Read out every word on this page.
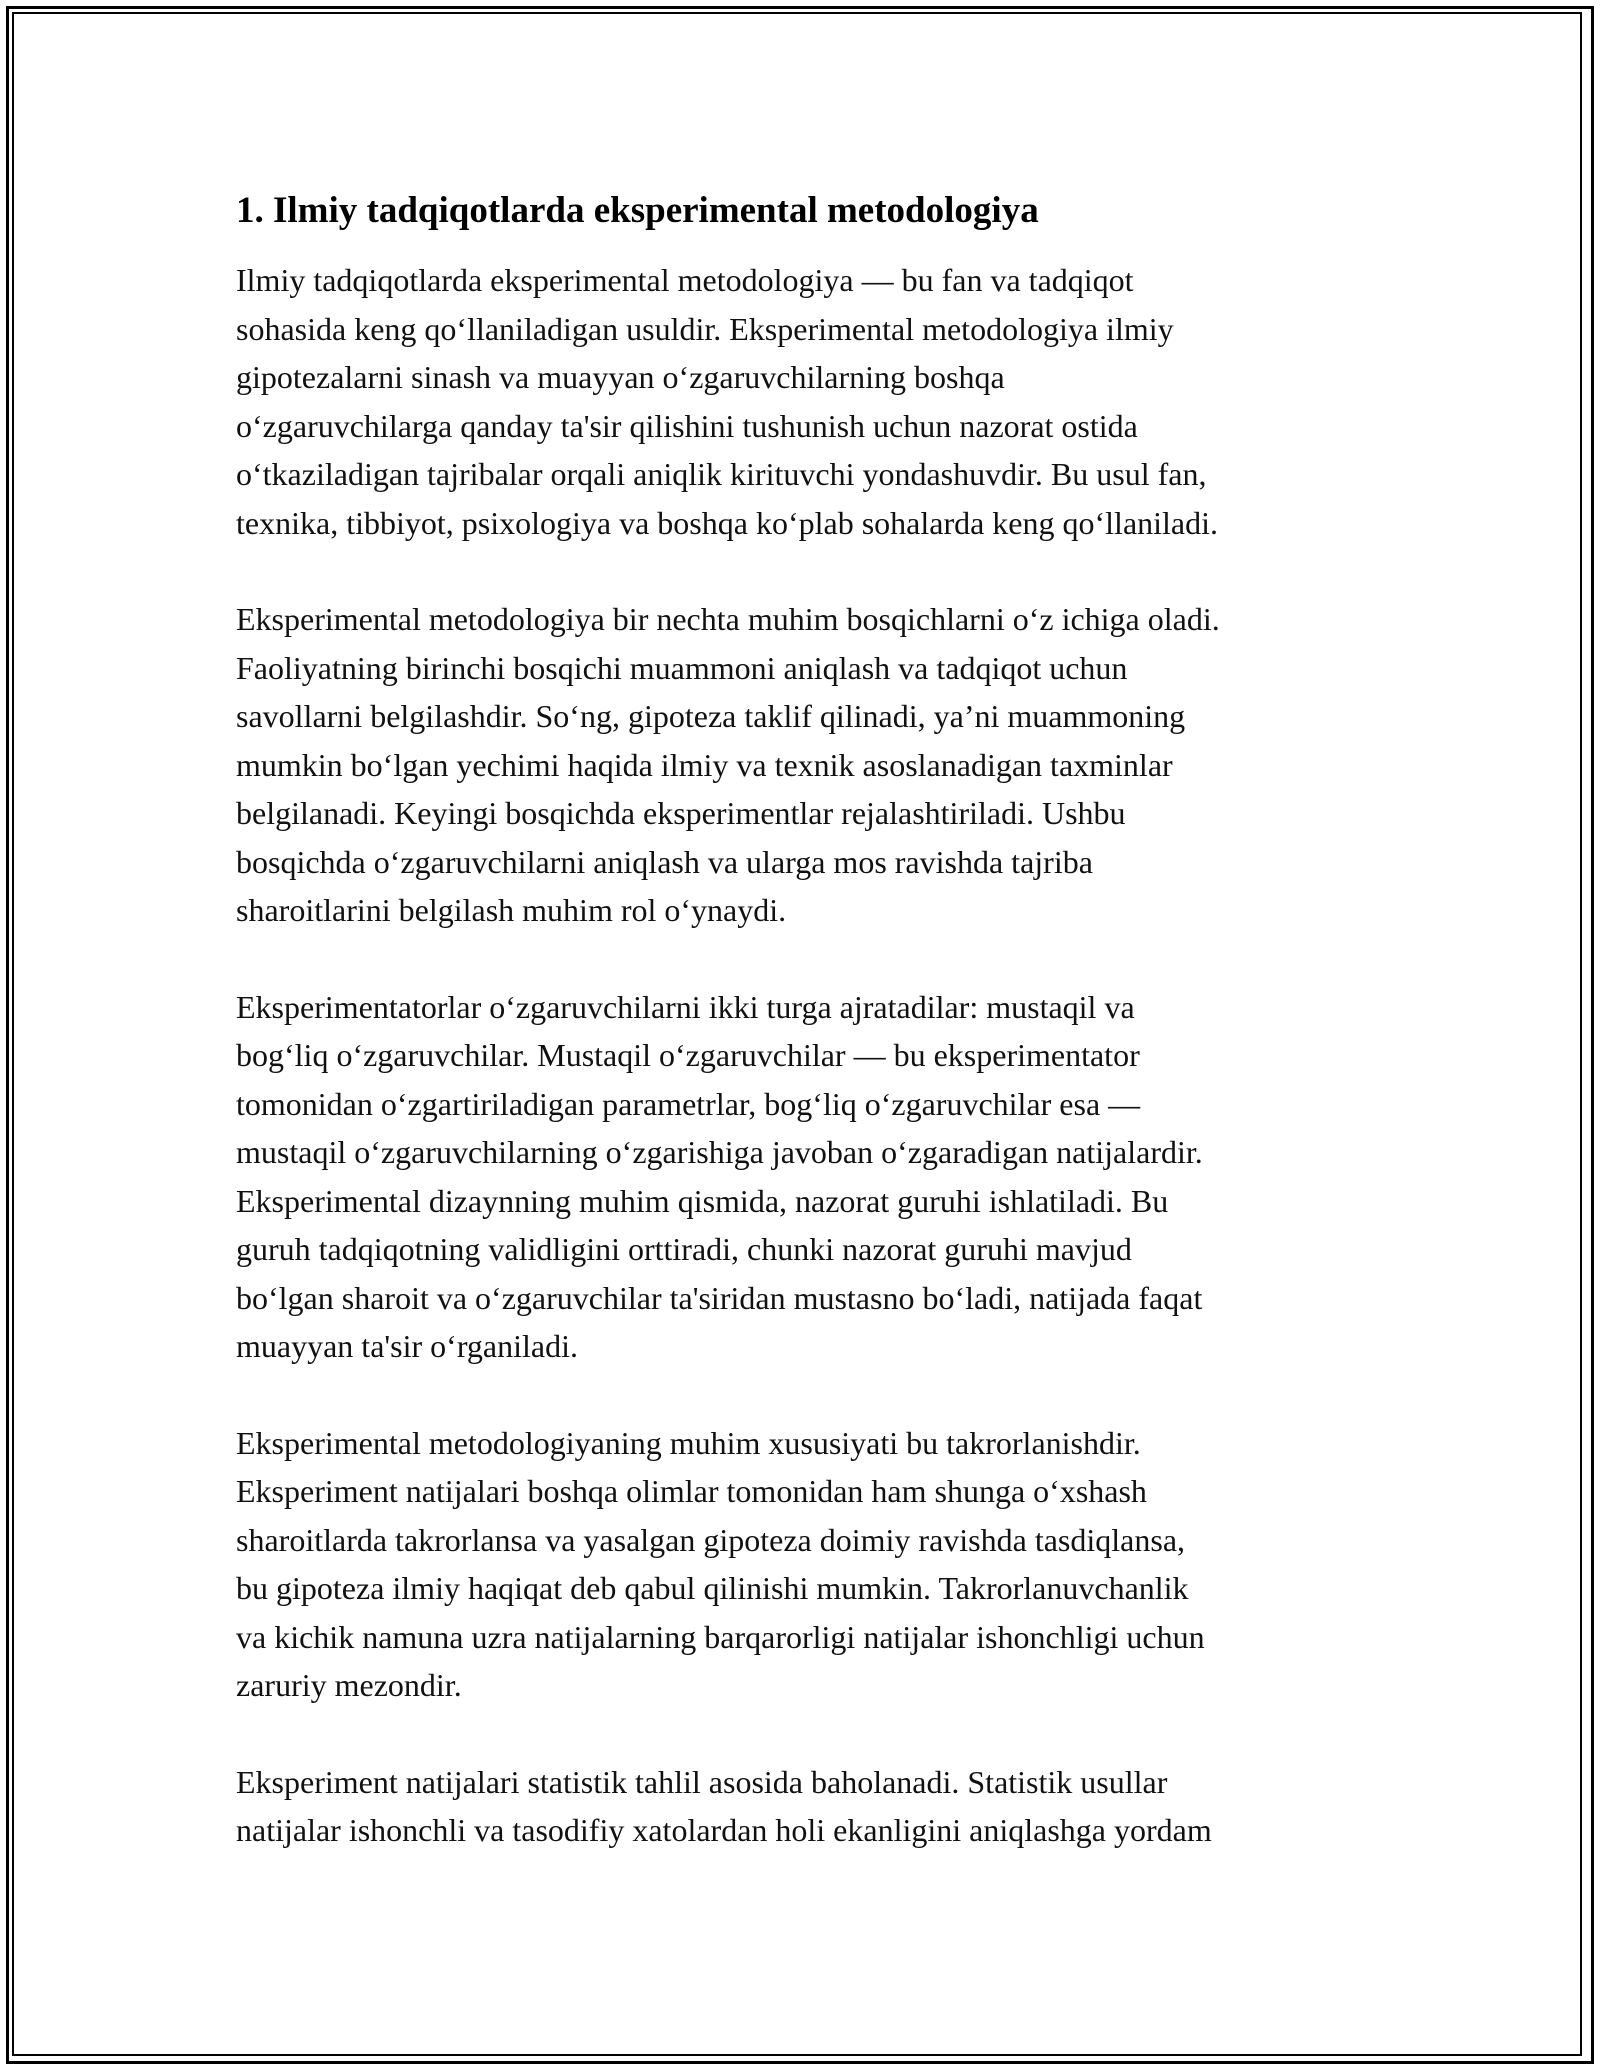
1. Ilmiy tadqiqotlarda eksperimental metodologiya

Ilmiy tadqiqotlarda eksperimental metodologiya — bu fan va tadqiqot
sohasida keng qo‘llaniladigan usuldir. Eksperimental metodologiya ilmiy
gipotezalarni sinash va muayyan o‘zgaruvchilarning boshqa
o‘zgaruvchilarga qanday ta'sir qilishini tushunish uchun nazorat ostida
o‘tkaziladigan tajribalar orqali aniqlik kirituvchi yondashuvdir. Bu usul fan,
texnika, tibbiyot, psixologiya va boshqa ko‘plab sohalarda keng qo‘llaniladi.

Eksperimental metodologiya bir nechta muhim bosqichlarni o‘z ichiga oladi.
Faoliyatning birinchi bosqichi muammoni aniqlash va tadqiqot uchun
savollarni belgilashdir. So‘ng, gipoteza taklif qilinadi, ya’ni muammoning
mumkin bo‘lgan yechimi haqida ilmiy va texnik asoslanadigan taxminlar
belgilanadi. Keyingi bosqichda eksperimentlar rejalashtiriladi. Ushbu
bosqichda o‘zgaruvchilarni aniqlash va ularga mos ravishda tajriba
sharoitlarini belgilash muhim rol o‘ynaydi.

Eksperimentatorlar o‘zgaruvchilarni ikki turga ajratadilar: mustaqil va
bog‘liq o‘zgaruvchilar. Mustaqil o‘zgaruvchilar — bu eksperimentator
tomonidan o‘zgartiriladigan parametrlar, bog‘liq o‘zgaruvchilar esa —
mustaqil o‘zgaruvchilarning o‘zgarishiga javoban o‘zgaradigan natijalardir.
Eksperimental dizaynning muhim qismida, nazorat guruhi ishlatiladi. Bu
guruh tadqiqotning validligini orttiradi, chunki nazorat guruhi mavjud
bo‘lgan sharoit va o‘zgaruvchilar ta'siridan mustasno bo‘ladi, natijada faqat
muayyan ta'sir o‘rganiladi.

Eksperimental metodologiyaning muhim xususiyati bu takrorlanishdir.
Eksperiment natijalari boshqa olimlar tomonidan ham shunga o‘xshash
sharoitlarda takrorlansa va yasalgan gipoteza doimiy ravishda tasdiqlansa,
bu gipoteza ilmiy haqiqat deb qabul qilinishi mumkin. Takrorlanuvchanlik
va kichik namuna uzra natijalarning barqarorligi natijalar ishonchligi uchun
zaruriy mezondir.

Eksperiment natijalari statistik tahlil asosida baholanadi. Statistik usullar
natijalar ishonchli va tasodifiy xatolardan holi ekanligini aniqlashga yordam
